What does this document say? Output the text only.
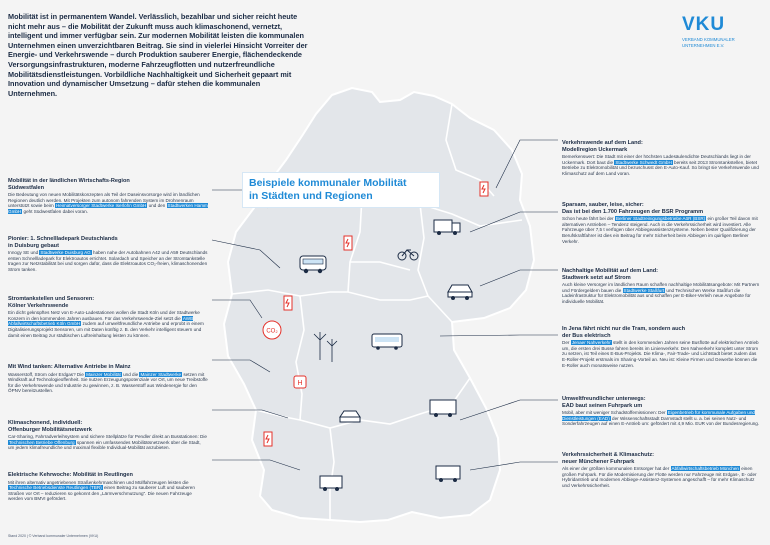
Mobilität ist in permanentem Wandel. Verlässlich, bezahlbar und sicher reicht heute nicht mehr aus – die Mobilität der Zukunft muss auch klimaschonend, vernetzt, intelligent und immer verfügbar sein. Zur modernen Mobilität leisten die kommunalen Unternehmen einen unverzichtbaren Beitrag. Sie sind in vielerlei Hinsicht Vorreiter der Energie- und Verkehrswende – durch Produktion sauberer Energie, flächendeckende Versorgungsinfrastrukturen, moderne Fahrzeugflotten und nutzerfreundliche Mobilitätsdienstleistungen. Vorbildliche Nachhaltigkeit und Sicherheit gepaart mit Innovation und dynamischer Umsetzung – dafür stehen die kommunalen Unternehmen.
VKU
VERBAND KOMMUNALER
UNTERNEHMEN E.V.
CO₂
H
Beispiele kommunaler Mobilität
in Städten und Regionen
Mobilität in der ländlichen Wirtschafts-Region
Südwestfalen
Die Bedeutung von neuen Mobilitätskonzepten als Teil der Daseinsvorsorge wird im ländlichen Regionen deutlich werden. Mit Projekten zum autonom fahrenden System im Drohnenraum unterstützt sowie beim Heimatversorger Stadtwerke Iserlohn GmbH und den Stadtwerken Hamm GmbH geht Südwestfalen dabei voran.
Pionier: 1. Schnellladepark Deutschlands
in Duisburg gebaut
Innogy SE und Stadtwerke Duisburg AG haben nahe der Autobahnen A42 und A59 Deutschlands ersten Schnellladepark für Elektroautos errichtet. Solardach und Speicher an der Stromtankstelle tragen zur Netzstabilität bei und sorgen dafür, dass die Elektroautos CO₂-freien, klimaschonenden Strom tanken.
Stromtankstellen und Sensoren:
Kölner Verkehrswende
Ein dicht geknüpftes Netz von E-Auto-Ladestationen wollen die Stadt Köln und der Stadtwerke Konzern in den kommenden Jahren ausbauen. Für das Verkehrswende-Ziel setzt die AWB Abfallwirtschaftsbetrieb Köln GmbH zudem auf umweltfreundliche Antriebe und erprobt in einem Digitalisierungsprojekt Sensoren, um mit Daten künftig z. B. den Verkehr intelligent steuern und damit einen Beitrag zur städtischen Luftreinhaltung leisten zu können.
Mit Wind tanken: Alternative Antriebe in Mainz
Wasserstoff, Strom oder Erdgas? Die Mainzer Mobilität und die Mainzer Stadtwerke setzen mit Windkraft auf Technologieoffenheit. Sie nutzen Erzeugungspotenziale vor Ort, um neue Treibstoffe für die Verkehrswende und Industrie zu gewinnen, z. B. Wasserstoff aus Windenergie für den ÖPNV bereitzustellen.
Klimaschonend, individuell:
Offenburger Mobilitätsnetzwerk
Car-Sharing, Fahrradverleihsystem und sichere Stellplätze für Pendler direkt an Busstationen: Die Technischen Betriebe Offenburg spannen ein umfassendes Mobilitätsnetzwerk über die Stadt, um jedem klimafreundliche und maximal flexible Individual-Mobilität anzubieten.
Elektrische Kehrwoche: Mobilität in Reutlingen
Mit ihren alternativ angetriebenen Straßenkehrmaschinen und Müllfahrzeugen leisten die Technische Betriebsdienste Reutlingen (TBR) einen Beitrag zu sauberer Luft und sauberen Straßen vor Ort – reduzieren so gekonnt den „Lärmverschmutzung“. Die neuen Fahrzeuge werden vom BMVI gefördert.
Verkehrswende auf dem Land:
Modellregion Uckermark
Bemerkenswert: Die Stadt mit einer der höchsten Ladesäulendichte Deutschlands liegt in der Uckermark. Dort baut die Stadtwerke Schwedt GmbH bereits seit 2013 Stromtankstellen, bietet Betriebe zu Elektromobilität und bezuschusst den E-Auto-Kauf. So bringt sie Verkehrswende und Klimaschutz auf dem Land voran.
Sparsam, sauber, leise, sicher:
Das ist bei den 1.700 Fahrzeugen der BSR Programm
Schon heute fährt bei der Berliner Stadtreinigungsbetriebe AöR (BSR) ein großer Teil davon mit alternativen Antrieben – Tendenz steigend. Auch in die Verkehrssicherheit wird investiert. Alle Fahrzeuge über 7,5 t verfügen über Abbiegeassistenzsysteme. Neben bester Qualifizierung der Berufskraftfahrer ist dies ein Beitrag für mehr Sicherheit beim Abbiegen im quirligen Berliner Verkehr.
Nachhaltige Mobilität auf dem Land:
Stadtwerk setzt auf Strom
Auch kleine Versorger im ländlichen Raum schaffen nachhaltige Mobilitätsangebote: Mit Partnern und Fördergeldern bauen die Stadtwerke Staßfurt und Technischen Werke Staßfurt die Ladeinfrastruktur für Elektromobilität aus und schaffen per E-Biker-Verleih neue Angebote für individuelle Mobilität.
In Jena fährt nicht nur die Tram, sondern auch
der Bus elektrisch
Der Jenaer Nahverkehr stellt in den kommenden Jahren seine Busflotte auf elektrischen Antrieb um, die ersten drei Busse fahren bereits im Linienverkehr. Den Nahverkehr komplett unter Strom zu setzen, ist Teil eines E-Bus-Projekts. Die Klima-, Fair-Trade- und Lichtstadt bietet zudem das E-Roller-Projekt erstmals im Sharing-Vorteil an. Neu ist: Kleine Firmen und Gewerbe können die E-Roller auch monatsweise nutzen.
Umweltfreundlicher unterwegs:
EAD baut seinen Fuhrpark um
Mobil, aber mit weniger Schadstoffemissionen: Der Eigenbetrieb für kommunale Aufgaben und Dienstleistungen (EAD) der Wissenschaftsstadt Darmstadt stellt u. a. bei seinen Nutz- und Sonderfahrzeugen auf einen E-Antrieb um: gefördert mit 4,9 Mio. EUR von der Bundesregierung.
Verkehrssicherheit & Klimaschutz:
neuer Münchener Fuhrpark
Als einer der größten kommunalen Entsorger hat der Abfallwirtschaftsbetrieb München einen großen Fuhrpark. Für die Modernisierung der Flotte werden nur Fahrzeuge mit Erdgas-, E- oder Hybridantrieb und modernen Abbiege-Assistenz-Systemen angeschafft – für mehr Klimaschutz und Verkehrssicherheit.
Stand 2020 | © Verband kommunaler Unternehmen (VKU)
